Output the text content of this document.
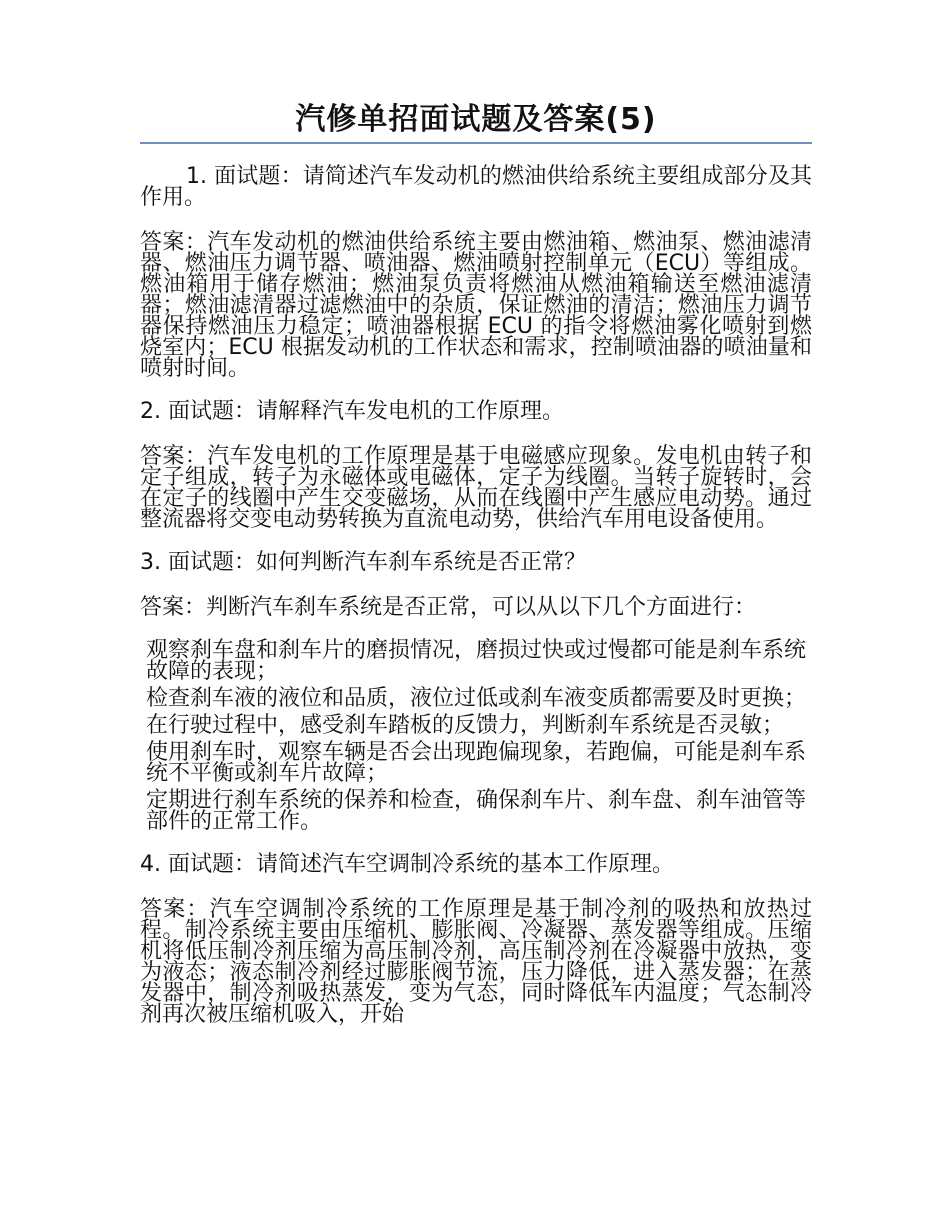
汽修单招面试题及答案(5)

1. 面试题：请简述汽车发动机的燃油供给系统主要组成部分及其作用。

答案：汽车发动机的燃油供给系统主要由燃油箱、燃油泵、燃油滤清器、燃油压力调节器、喷油器、燃油喷射控制单元（ECU）等组成。燃油箱用于储存燃油；燃油泵负责将燃油从燃油箱输送至燃油滤清器；燃油滤清器过滤燃油中的杂质，保证燃油的清洁；燃油压力调节器保持燃油压力稳定；喷油器根据 ECU 的指令将燃油雾化喷射到燃烧室内；ECU 根据发动机的工作状态和需求，控制喷油器的喷油量和喷射时间。

2. 面试题：请解释汽车发电机的工作原理。

答案：汽车发电机的工作原理是基于电磁感应现象。发电机由转子和定子组成，转子为永磁体或电磁体，定子为线圈。当转子旋转时，会在定子的线圈中产生交变磁场，从而在线圈中产生感应电动势。通过整流器将交变电动势转换为直流电动势，供给汽车用电设备使用。

3. 面试题：如何判断汽车刹车系统是否正常？

答案：判断汽车刹车系统是否正常，可以从以下几个方面进行：

观察刹车盘和刹车片的磨损情况，磨损过快或过慢都可能是刹车系统故障的表现；

检查刹车液的液位和品质，液位过低或刹车液变质都需要及时更换；

在行驶过程中，感受刹车踏板的反馈力，判断刹车系统是否灵敏；

使用刹车时，观察车辆是否会出现跑偏现象，若跑偏，可能是刹车系统不平衡或刹车片故障；

定期进行刹车系统的保养和检查，确保刹车片、刹车盘、刹车油管等部件的正常工作。

4. 面试题：请简述汽车空调制冷系统的基本工作原理。

答案：汽车空调制冷系统的工作原理是基于制冷剂的吸热和放热过程。制冷系统主要由压缩机、膨胀阀、冷凝器、蒸发器等组成。压缩机将低压制冷剂压缩为高压制冷剂，高压制冷剂在冷凝器中放热，变为液态；液态制冷剂经过膨胀阀节流，压力降低，进入蒸发器；在蒸发器中，制冷剂吸热蒸发，变为气态，同时降低车内温度；气态制冷剂再次被压缩机吸入，开始
